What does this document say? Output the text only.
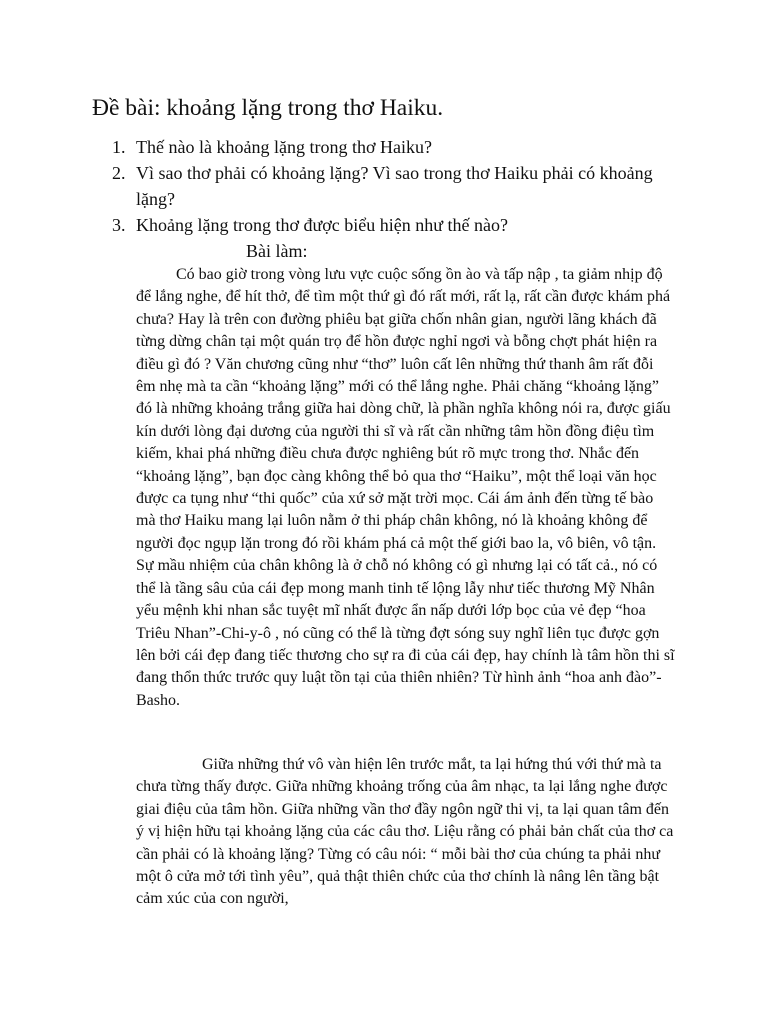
Đề bài: khoảng lặng trong thơ Haiku.
1. Thế nào là khoảng lặng trong thơ Haiku?
2. Vì sao thơ phải có khoảng lặng? Vì sao trong thơ Haiku phải có khoảng lặng?
3. Khoảng lặng trong thơ được biểu hiện như thế nào?
Bài làm:

Có bao giờ trong vòng lưu vực cuộc sống ồn ào và tấp nập , ta giảm nhịp độ để lắng nghe, để hít thở, để tìm một thứ gì đó rất mới, rất lạ, rất cần được khám phá chưa? Hay là trên con đường phiêu bạt giữa chốn nhân gian, người lãng khách đã từng dừng chân tại một quán trọ để hồn được nghỉ ngơi và bỗng chợt phát hiện ra điều gì đó ? Văn chương cũng như “thơ” luôn cất lên những thứ thanh âm rất đỗi êm nhẹ mà ta cần “khoảng lặng” mới có thể lắng nghe. Phải chăng “khoảng lặng” đó là những khoảng trắng giữa hai dòng chữ, là phần nghĩa không nói ra, được giấu kín dưới lòng đại dương của người thi sĩ và rất cần những tâm hồn đồng điệu tìm kiếm, khai phá những điều chưa được nghiêng bút rõ mực trong thơ. Nhắc đến “khoảng lặng”, bạn đọc càng không thể bỏ qua thơ “Haiku”, một thể loại văn học được ca tụng như “thi quốc” của xứ sở mặt trời mọc. Cái ám ảnh đến từng tế bào mà thơ Haiku mang lại luôn nằm ở thi pháp chân không, nó là khoảng không để người đọc ngụp lặn trong đó rồi khám phá cả một thế giới bao la, vô biên, vô tận. Sự mầu nhiệm của chân không là ở chỗ nó không có gì nhưng lại có tất cả., nó có thể là tầng sâu của cái đẹp mong manh tinh tế lộng lẫy như tiếc thương Mỹ Nhân yểu mệnh khi nhan sắc tuyệt mĩ nhất được ẩn nấp dưới lớp bọc của vẻ đẹp “hoa Triêu Nhan”-Chi-y-ô , nó cũng có thể là từng đợt sóng suy nghĩ liên tục được gợn lên bởi cái đẹp đang tiếc thương cho sự ra đi của cái đẹp, hay chính là tâm hồn thi sĩ đang thổn thức trước quy luật tồn tại của thiên nhiên? Từ hình ảnh “hoa anh đào”-Basho.

Giữa những thứ vô vàn hiện lên trước mắt, ta lại hứng thú với thứ mà ta chưa từng thấy được. Giữa những khoảng trống của âm nhạc, ta lại lắng nghe được giai điệu của tâm hồn. Giữa những vần thơ đầy ngôn ngữ thi vị, ta lại quan tâm đến ý vị hiện hữu tại khoảng lặng của các câu thơ. Liệu rằng có phải bản chất của thơ ca cần phải có là khoảng lặng? Từng có câu nói: “ mỗi bài thơ của chúng ta phải như một ô cửa mở tới tình yêu”, quả thật thiên chức của thơ chính là nâng lên tầng bật cảm xúc của con người,
